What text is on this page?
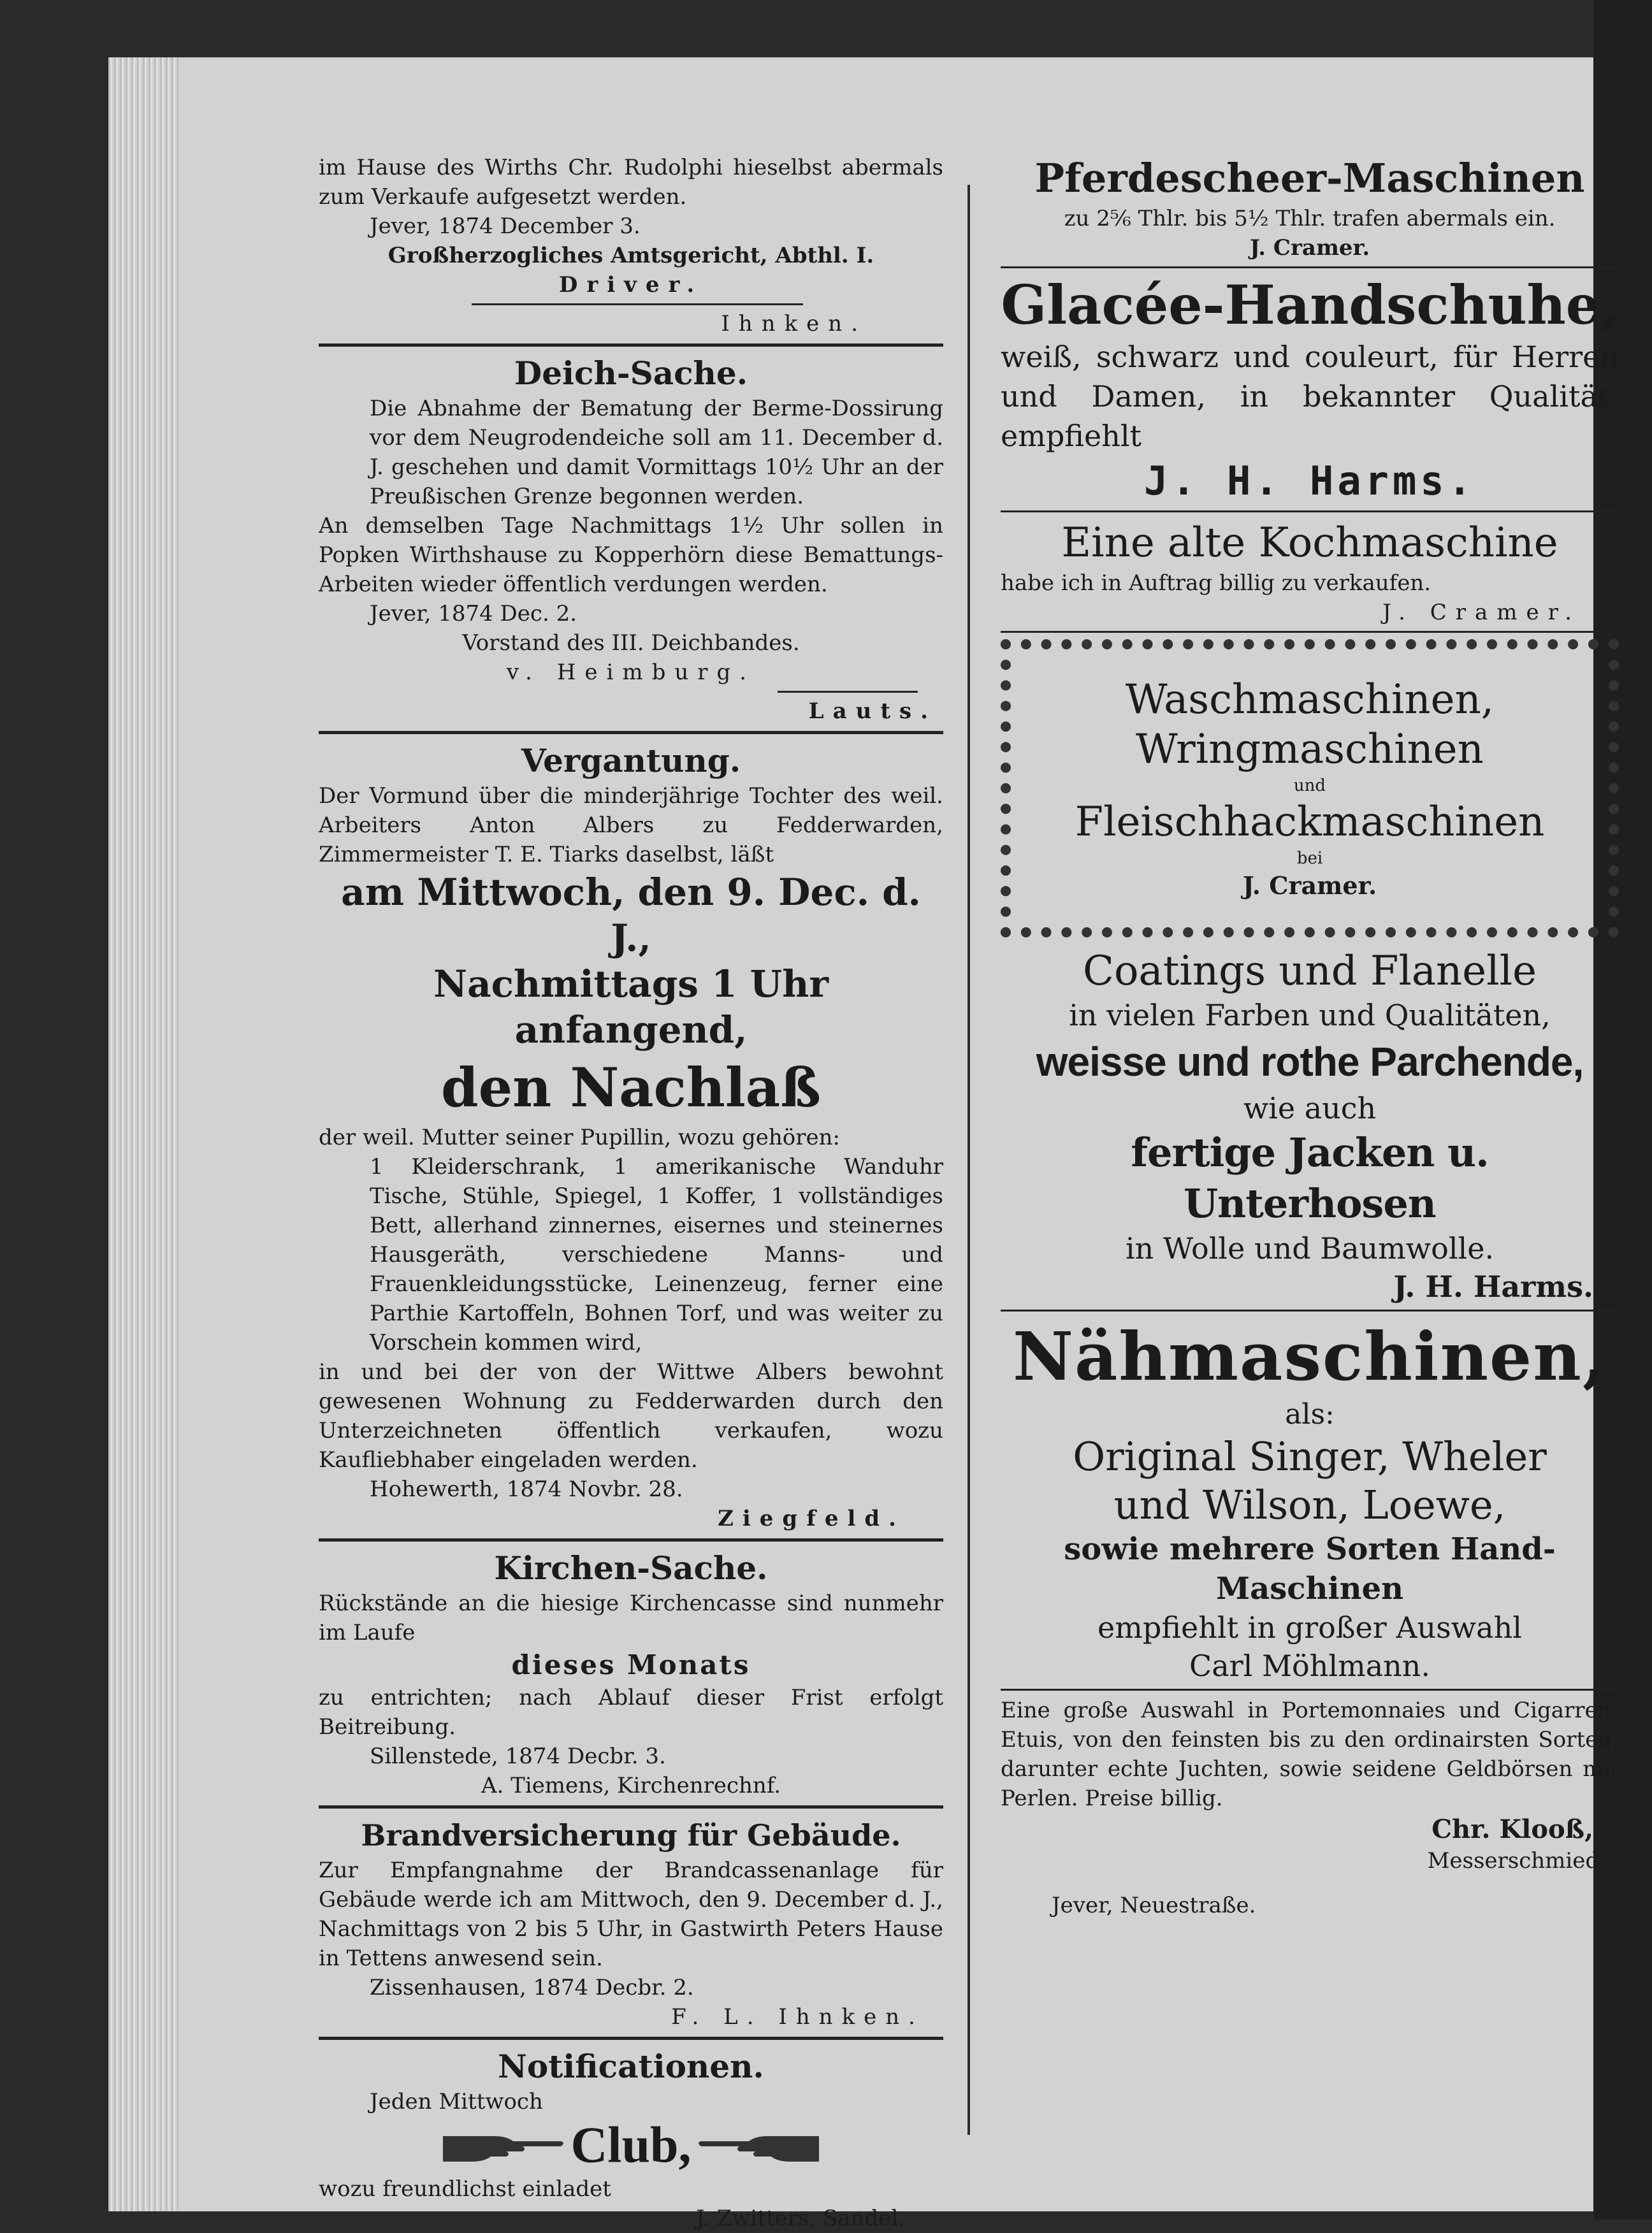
im Hause des Wirths Chr. Rudolphi hieselbst abermals zum Verkaufe aufgesetzt werden.

Jever, 1874 December 3.

Großherzogliches Amtsgericht, Abthl. I.

Driver.

Ihnken.

Deich-Sache.

Die Abnahme der Bematung der Berme-Dossirung vor dem Neugrodendeiche soll am 11. December d. J. geschehen und damit Vormittags 10½ Uhr an der Preußischen Grenze begonnen werden.

An demselben Tage Nachmittags 1½ Uhr sollen in Popken Wirthshause zu Kopperhörn diese Bemattungs-Arbeiten wieder öffentlich verdungen werden.

Jever, 1874 Dec. 2.

Vorstand des III. Deichbandes.

v. Heimburg.

Lauts.

Vergantung.

Der Vormund über die minderjährige Tochter des weil. Arbeiters Anton Albers zu Fedderwarden, Zimmermeister T. E. Tiarks daselbst, läßt

am Mittwoch, den 9. Dec. d. J.,

Nachmittags 1 Uhr anfangend,

den Nachlaß

der weil. Mutter seiner Pupillin, wozu gehören:

1 Kleiderschrank, 1 amerikanische Wanduhr Tische, Stühle, Spiegel, 1 Koffer, 1 vollständiges Bett, allerhand zinnernes, eisernes und steinernes Hausgeräth, verschiedene Manns- und Frauenkleidungsstücke, Leinenzeug, ferner eine Parthie Kartoffeln, Bohnen Torf, und was weiter zu Vorschein kommen wird,

in und bei der von der Wittwe Albers bewohnt gewesenen Wohnung zu Fedderwarden durch den Unterzeichneten öffentlich verkaufen, wozu Kaufliebhaber eingeladen werden.

Hohewerth, 1874 Novbr. 28.

Ziegfeld.

Kirchen-Sache.

Rückstände an die hiesige Kirchencasse sind nunmehr im Laufe

dieses Monats

zu entrichten; nach Ablauf dieser Frist erfolgt Beitreibung.

Sillenstede, 1874 Decbr. 3.

A. Tiemens, Kirchenrechnf.

Brandversicherung für Gebäude.

Zur Empfangnahme der Brandcassenanlage für Gebäude werde ich am Mittwoch, den 9. December d. J., Nachmittags von 2 bis 5 Uhr, in Gastwirth Peters Hause in Tettens anwesend sein.

Zissenhausen, 1874 Decbr. 2.

F. L. Ihnken.

Notificationen.

Jeden Mittwoch

Club,

wozu freundlichst einladet

J. Zwitters, Sandel.

Pferdescheer-Maschinen

zu 2⅚ Thlr. bis 5½ Thlr. trafen abermals ein.

J. Cramer.

Glacée-Handschuhe,

weiß, schwarz und couleurt, für Herren und Damen, in bekannter Qualität, empfiehlt

J. H. Harms.

Eine alte Kochmaschine

habe ich in Auftrag billig zu verkaufen.

J. Cramer.

Waschmaschinen,

Wringmaschinen

und

Fleischhackmaschinen

bei

J. Cramer.

Coatings und Flanelle

in vielen Farben und Qualitäten,

weisse und rothe Parchende,

wie auch

fertige Jacken u. Unterhosen

in Wolle und Baumwolle.

J. H. Harms.

Nähmaschinen,

als:

Original Singer, Wheler

und Wilson, Loewe,

sowie mehrere Sorten Hand-

Maschinen

empfiehlt in großer Auswahl

Carl Möhlmann.

Eine große Auswahl in Portemonnaies und Cigarren-Etuis, von den feinsten bis zu den ordinairsten Sorten, darunter echte Juchten, sowie seidene Geldbörsen mit Perlen. Preise billig.

Chr. Klooß,

Messerschmied.

Jever, Neuestraße.
